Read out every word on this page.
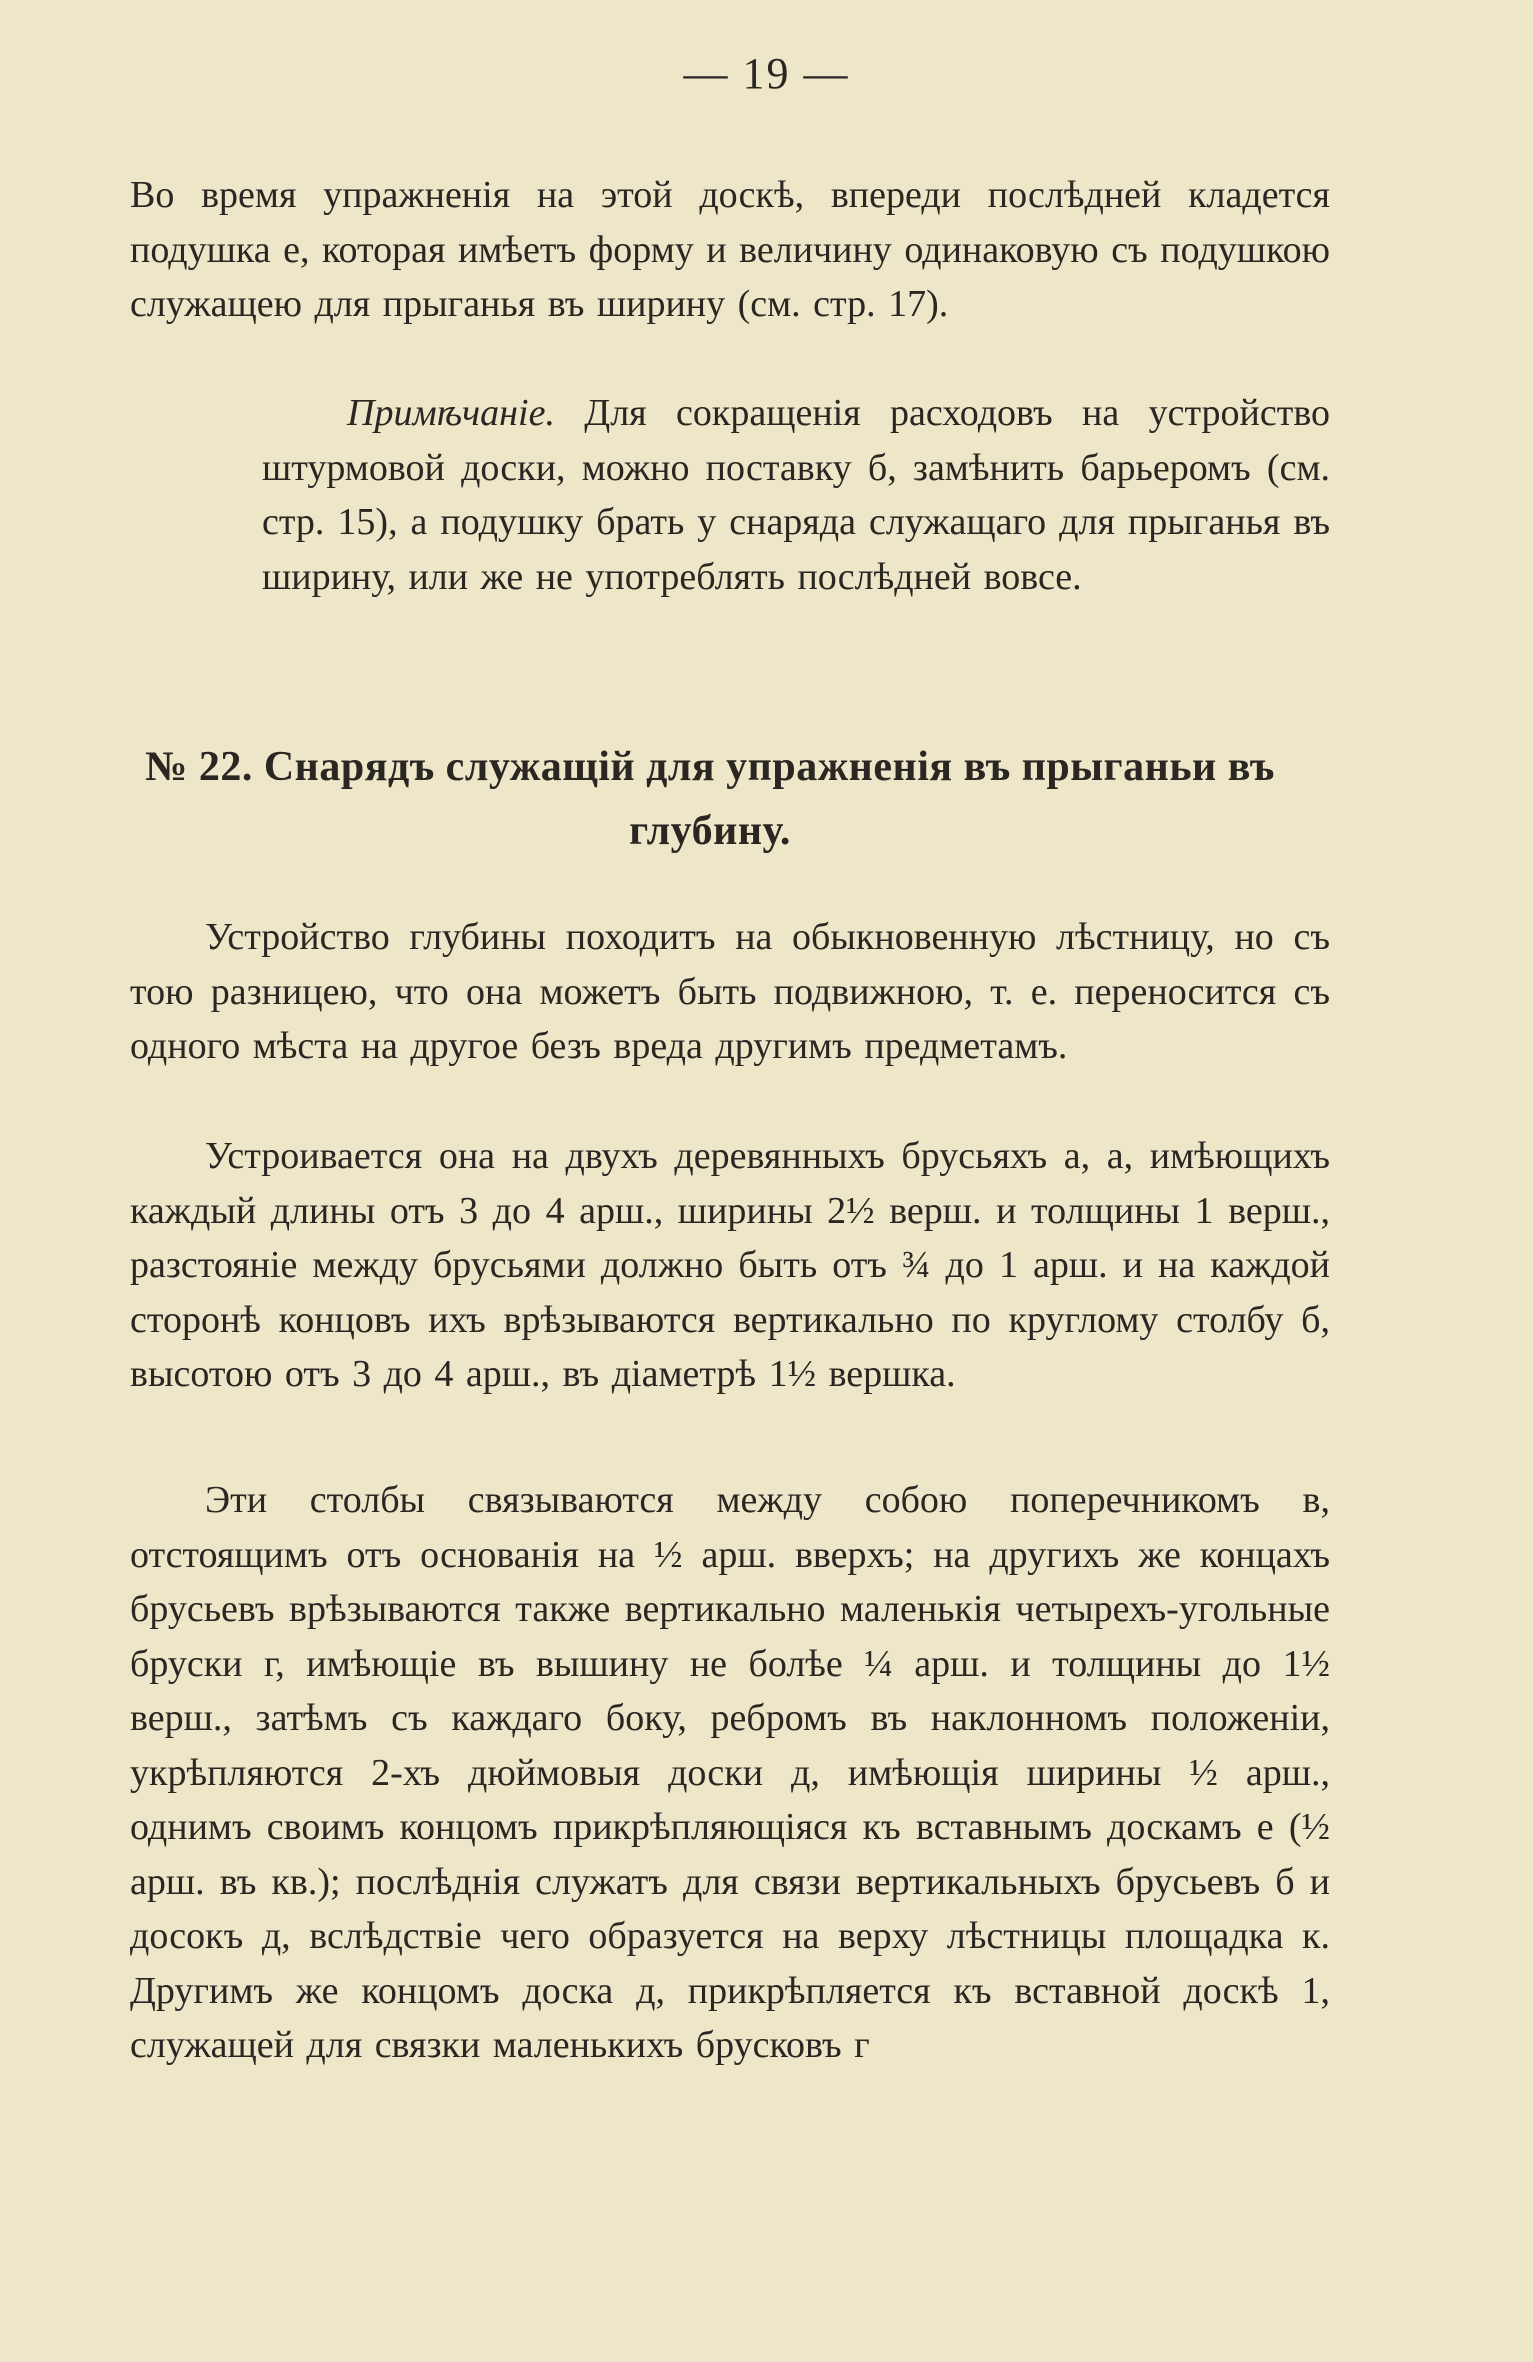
— 19 —
Во время упражненія на этой доскѣ, впереди послѣдней кладется подушка е, которая имѣетъ форму и величину одинаковую съ подушкою служащею для прыганья въ ширину (см. стр. 17).
Примѣчаніе. Для сокращенія расходовъ на устройство штурмовой доски, можно поставку б, замѣнить барьеромъ (см. стр. 15), а подушку брать у снаряда служащаго для прыганья въ ширину, или же не употреблять послѣдней вовсе.
№ 22. Снарядъ служащій для упражненія въ прыганьи въ глубину.
Устройство глубины походитъ на обыкновенную лѣстницу, но съ тою разницею, что она можетъ быть подвижною, т. е. переносится съ одного мѣста на другое безъ вреда другимъ предметамъ.
Устроивается она на двухъ деревянныхъ брусьяхъ а, а, имѣющихъ каждый длины отъ 3 до 4 арш., ширины 2½ верш. и толщины 1 верш., разстояніе между брусьями должно быть отъ ¾ до 1 арш. и на каждой сторонѣ концовъ ихъ врѣзываются вертикально по круглому столбу б, высотою отъ 3 до 4 арш., въ діаметрѣ 1½ вершка.
Эти столбы связываются между собою поперечникомъ в, отстоящимъ отъ основанія на ½ арш. вверхъ; на другихъ же концахъ брусьевъ врѣзываются также вертикально маленькія четырехъ-угольные бруски г, имѣющіе въ вышину не болѣе ¼ арш. и толщины до 1½ верш., затѣмъ съ каждаго боку, ребромъ въ наклонномъ положеніи, укрѣпляются 2-хъ дюймовыя доски д, имѣющія ширины ½ арш., однимъ своимъ концомъ прикрѣпляющіяся къ вставнымъ доскамъ е (½ арш. въ кв.); послѣднія служатъ для связи вертикальныхъ брусьевъ б и досокъ д, вслѣдствіе чего образуется на верху лѣстницы площадка к. Другимъ же концомъ доска д, прикрѣпляется къ вставной доскѣ 1, служащей для связки маленькихъ брусковъ г
